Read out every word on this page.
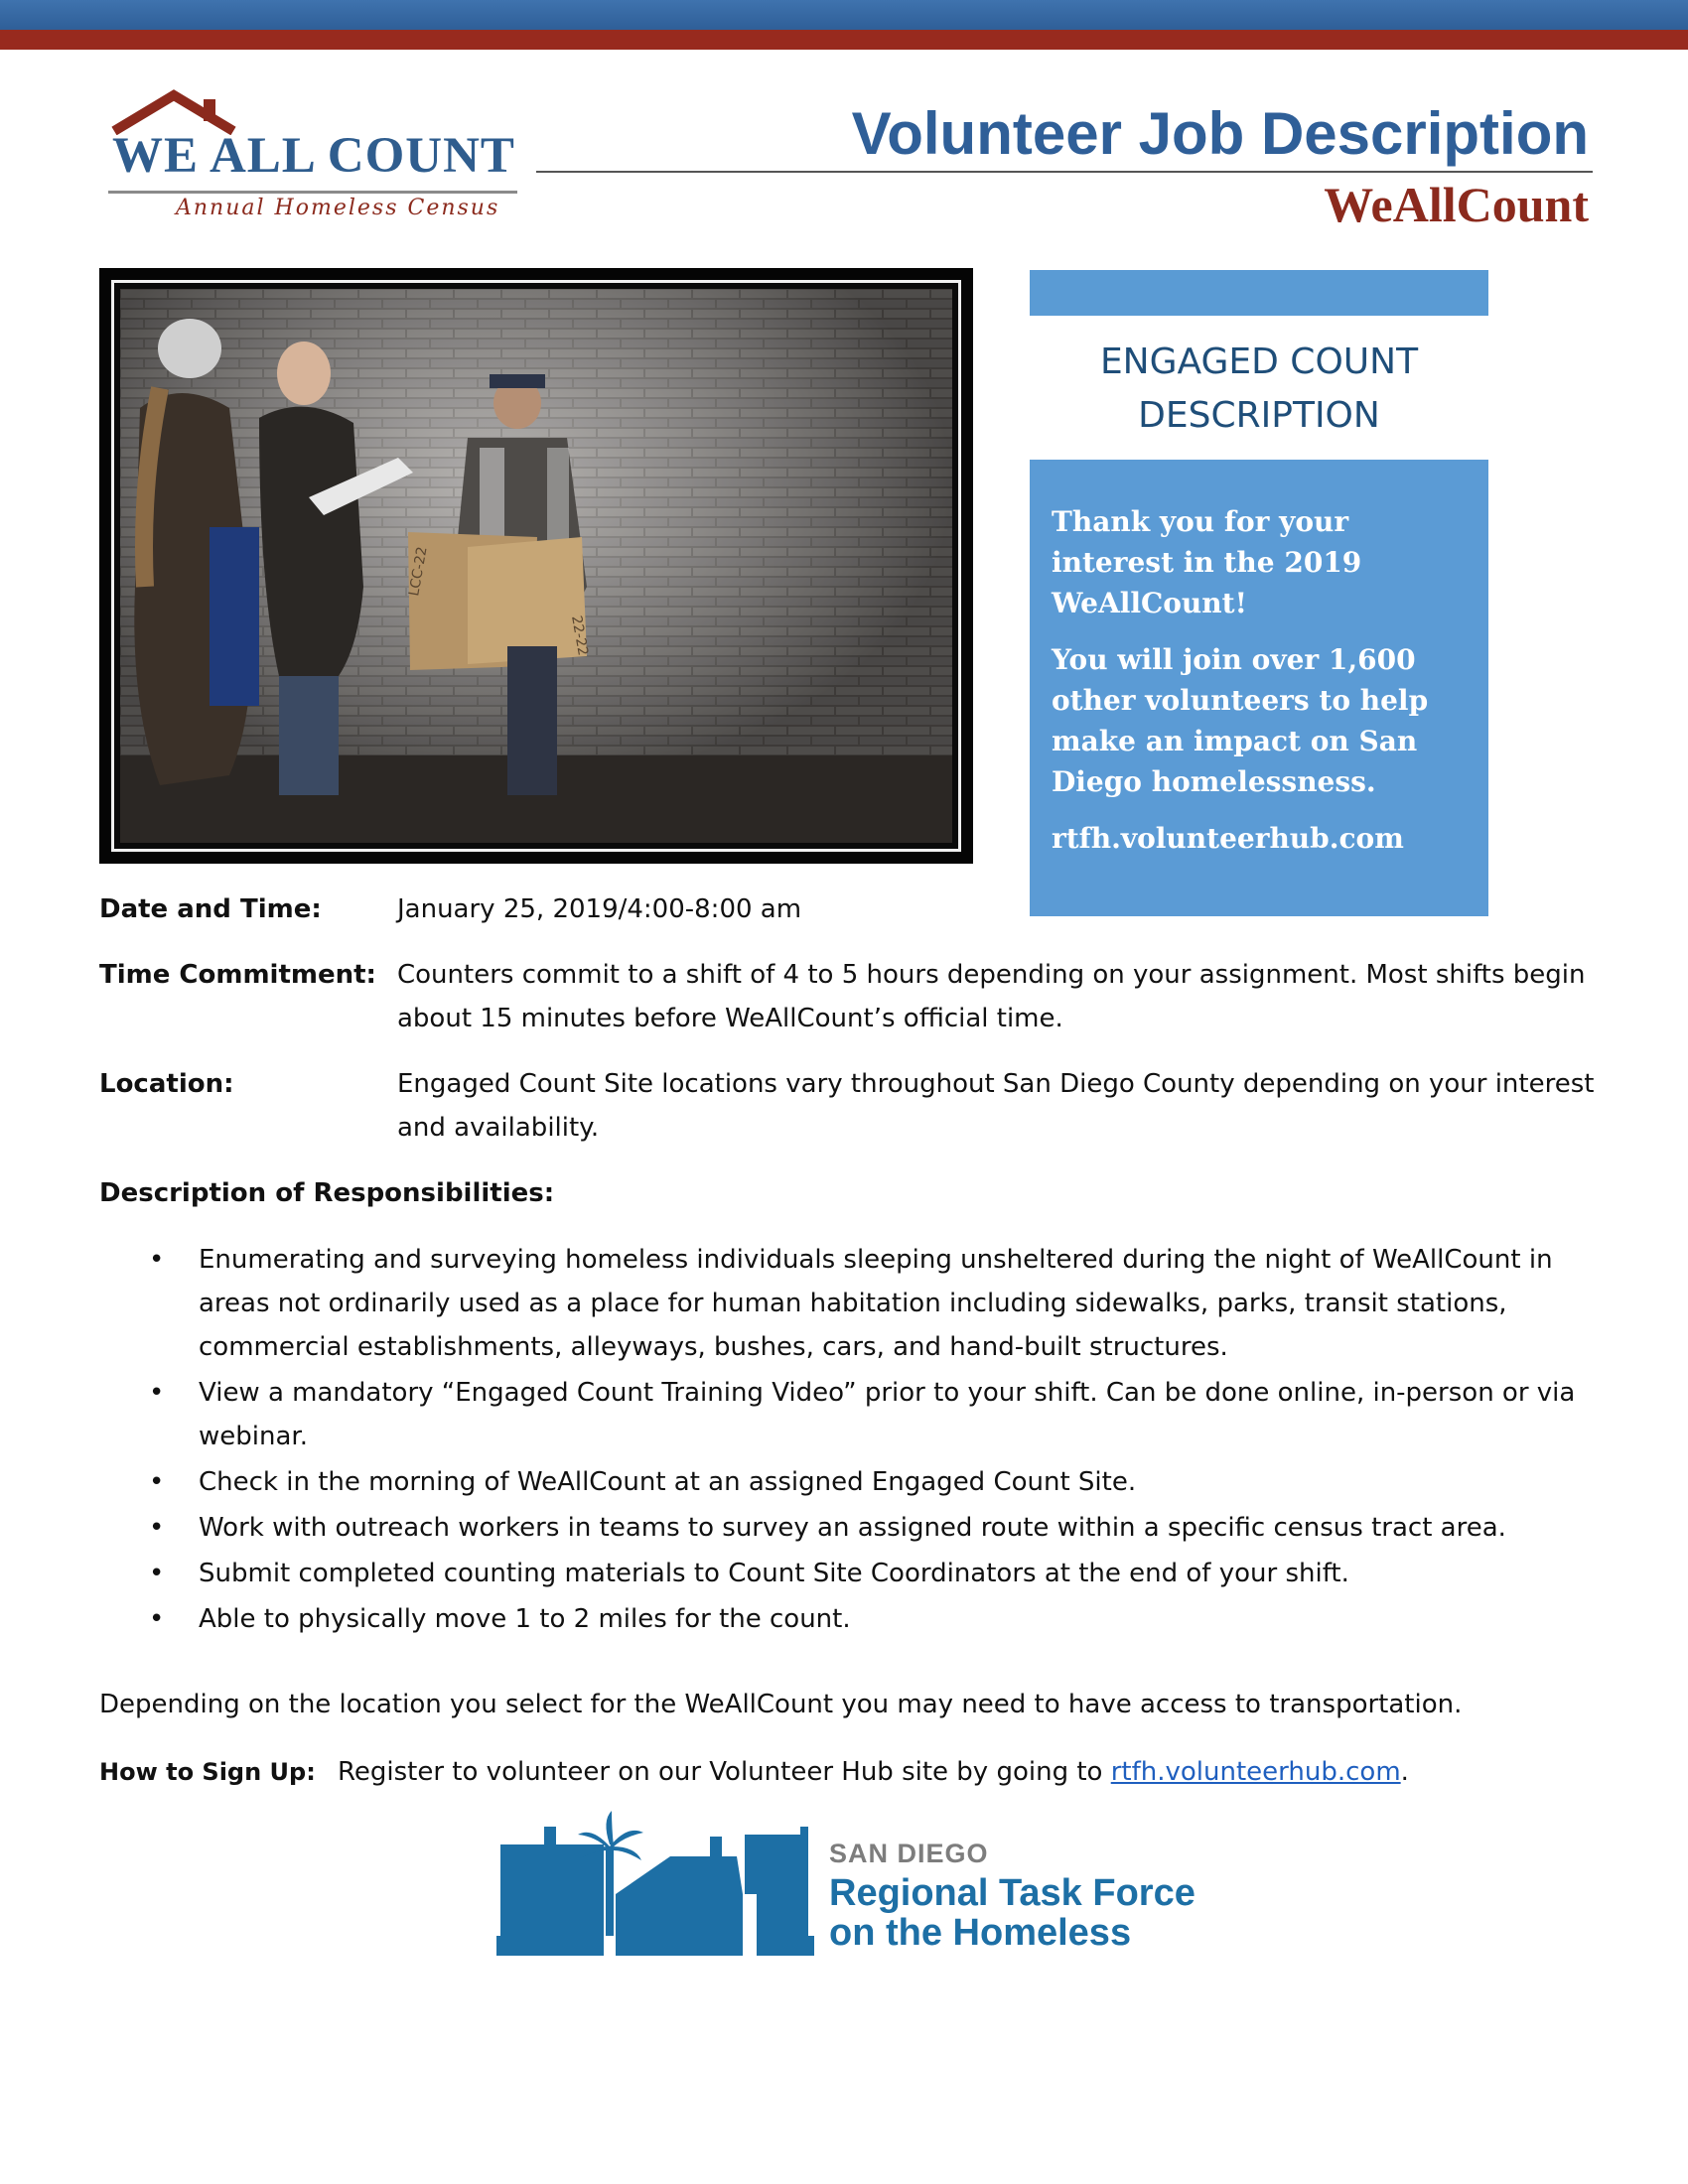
WE ALL COUNT
Annual Homeless Census
Volunteer Job Description
WeAllCount
LCC-22
22-22
ENGAGED COUNT
DESCRIPTION

Thank you for your interest in the 2019 WeAllCount!

You will join over 1,600 other volunteers to help make an impact on San Diego homelessness.

rtfh.volunteerhub.com

Date and Time:	January 25, 2019/4:00-8:00 am
Time Commitment: Counters commit to a shift of 4 to 5 hours depending on your assignment. Most shifts begin about 15 minutes before WeAllCount’s official time.
Location:	Engaged Count Site locations vary throughout San Diego County depending on your interest and availability.
Description of Responsibilities:
• Enumerating and surveying homeless individuals sleeping unsheltered during the night of WeAllCount in areas not ordinarily used as a place for human habitation including sidewalks, parks, transit stations, commercial establishments, alleyways, bushes, cars, and hand-built structures.
• View a mandatory “Engaged Count Training Video” prior to your shift. Can be done online, in-person or via webinar.
• Check in the morning of WeAllCount at an assigned Engaged Count Site.
• Work with outreach workers in teams to survey an assigned route within a specific census tract area.
• Submit completed counting materials to Count Site Coordinators at the end of your shift.
• Able to physically move 1 to 2 miles for the count.
Depending on the location you select for the WeAllCount you may need to have access to transportation.
How to Sign Up: Register to volunteer on our Volunteer Hub site by going to rtfh.volunteerhub.com.
SAN DIEGO
Regional Task Force
on the Homeless
